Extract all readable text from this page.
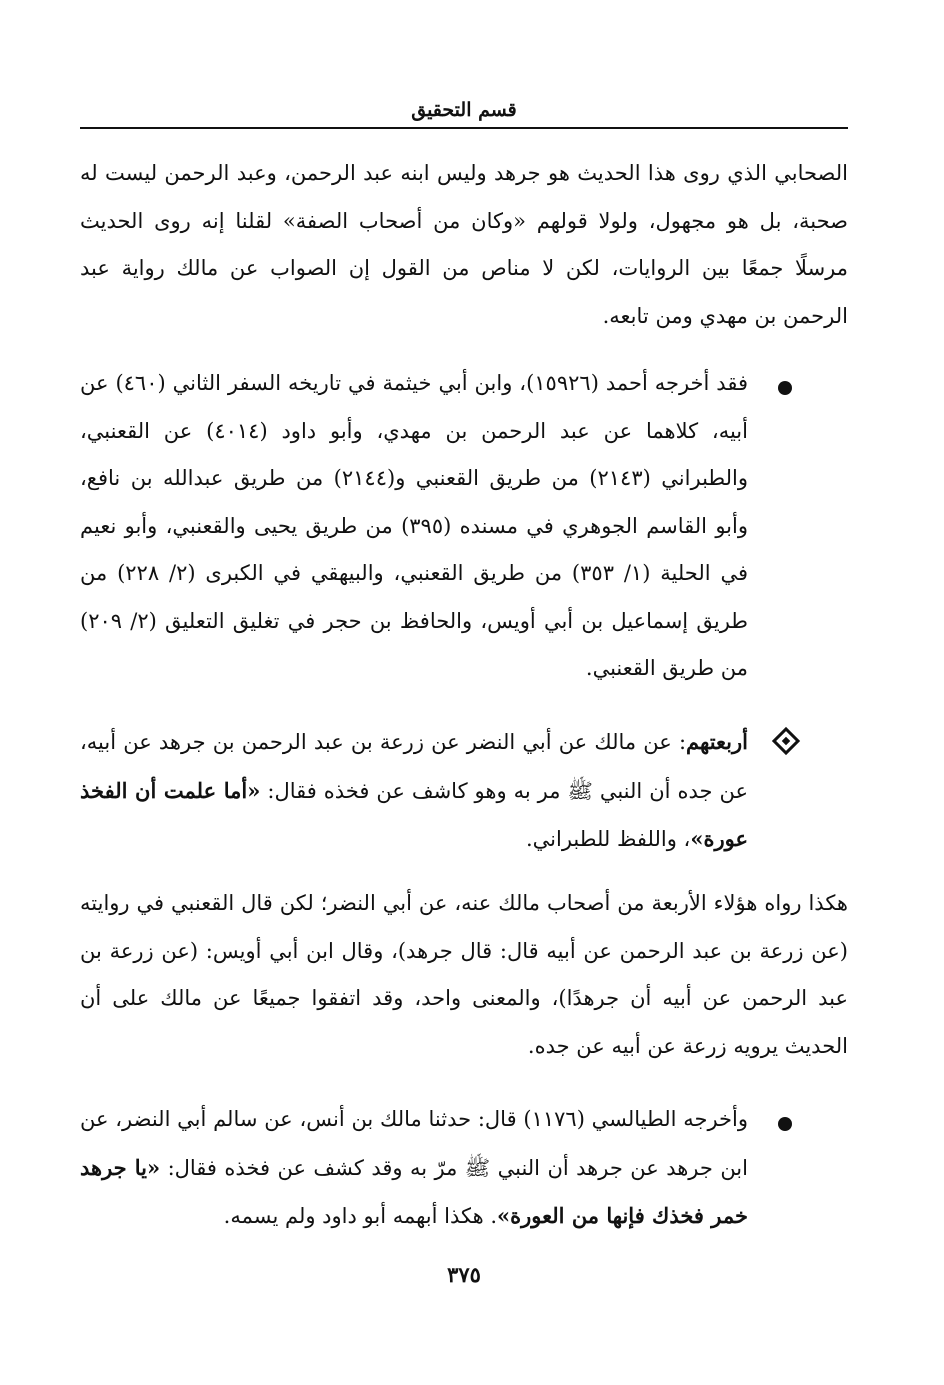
قسم التحقيق

الصحابي الذي روى هذا الحديث هو جرهد وليس ابنه عبد الرحمن، وعبد الرحمن ليست له صحبة، بل هو مجهول، ولولا قولهم «وكان من أصحاب الصفة» لقلنا إنه روى الحديث مرسلًا جمعًا بين الروايات، لكن لا مناص من القول إن الصواب عن مالك رواية عبد الرحمن بن مهدي ومن تابعه.

فقد أخرجه أحمد (١٥٩٢٦)، وابن أبي خيثمة في تاريخه السفر الثاني (٤٦٠) عن أبيه، كلاهما عن عبد الرحمن بن مهدي، وأبو داود (٤٠١٤) عن القعنبي، والطبراني (٢١٤٣) من طريق القعنبي و(٢١٤٤) من طريق عبدالله بن نافع، وأبو القاسم الجوهري في مسنده (٣٩٥) من طريق يحيى والقعنبي، وأبو نعيم في الحلية (١/ ٣٥٣) من طريق القعنبي، والبيهقي في الكبرى (٢/ ٢٢٨) من طريق إسماعيل بن أبي أويس، والحافظ بن حجر في تغليق التعليق (٢/ ٢٠٩) من طريق القعنبي.

أربعتهم: عن مالك عن أبي النضر عن زرعة بن عبد الرحمن بن جرهد عن أبيه، عن جده أن النبي ﷺ مر به وهو كاشف عن فخذه فقال: «أما علمت أن الفخذ عورة»، واللفظ للطبراني.

هكذا رواه هؤلاء الأربعة من أصحاب مالك عنه، عن أبي النضر؛ لكن قال القعنبي في روايته (عن زرعة بن عبد الرحمن عن أبيه قال: قال جرهد)، وقال ابن أبي أويس: (عن زرعة بن عبد الرحمن عن أبيه أن جرهدًا)، والمعنى واحد، وقد اتفقوا جميعًا عن مالك على أن الحديث يرويه زرعة عن أبيه عن جده.

وأخرجه الطيالسي (١١٧٦) قال: حدثنا مالك بن أنس، عن سالم أبي النضر، عن ابن جرهد عن جرهد أن النبي ﷺ مرّ به وقد كشف عن فخذه فقال: «يا جرهد خمر فخذك فإنها من العورة». هكذا أبهمه أبو داود ولم يسمه.

٣٧٥
